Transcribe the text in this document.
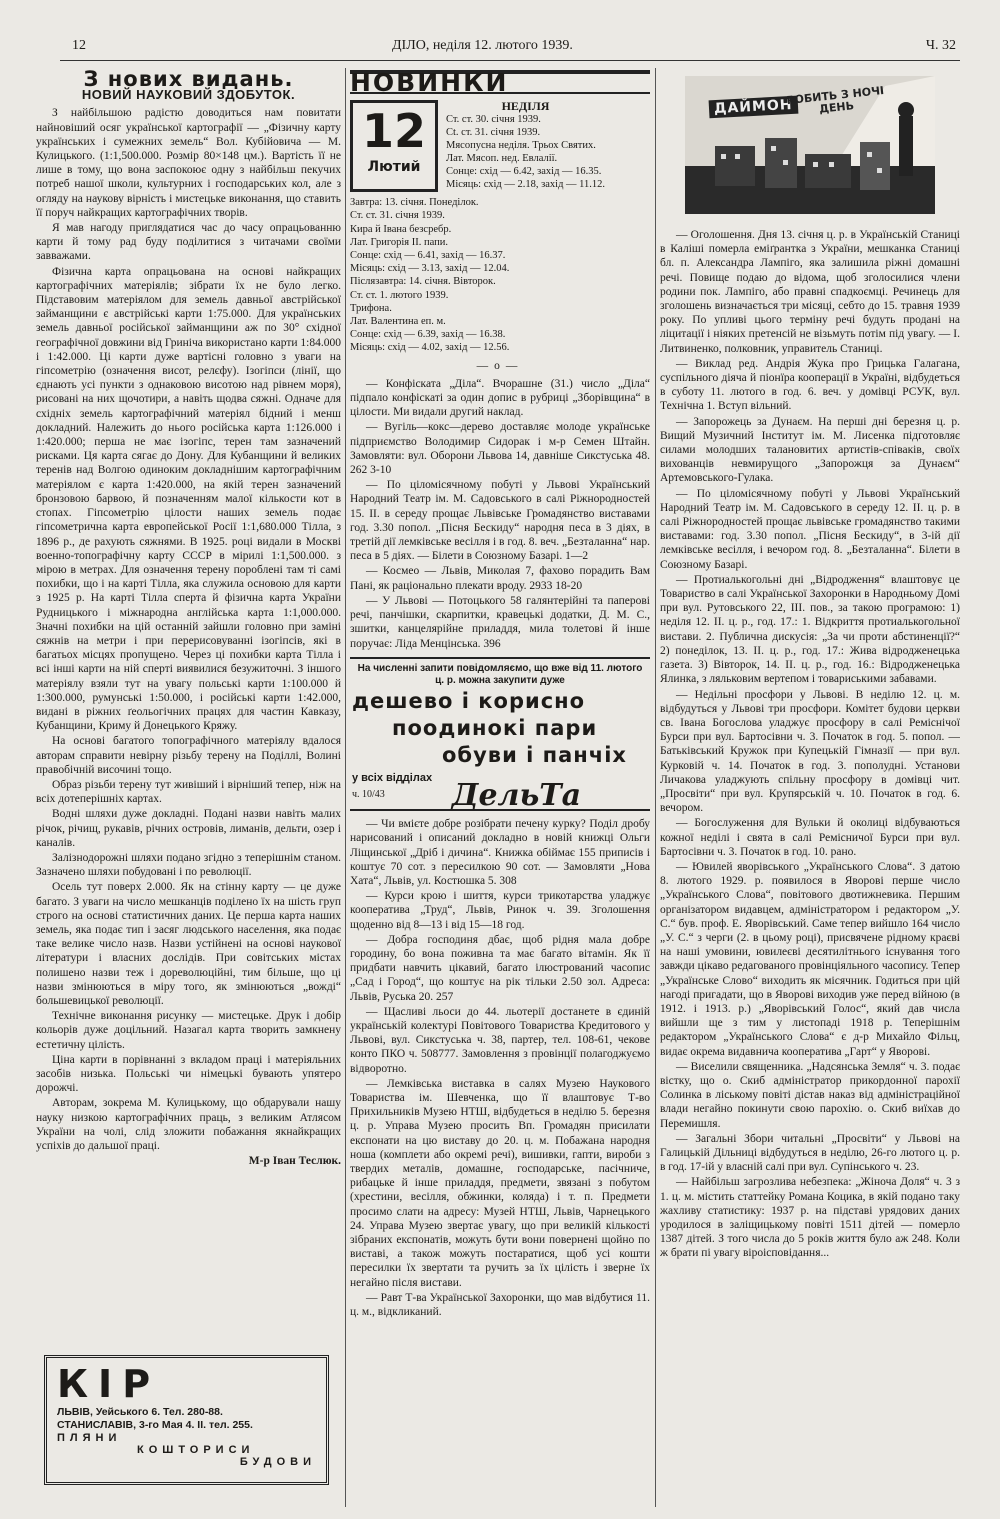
12	ДІЛО, неділя 12. лютого 1939.	Ч. 32
З нових видань.
НОВИЙ НАУКОВИЙ ЗДОБУТОК.

З найбільшою радістю доводиться нам повитати найновіший осяг української картографії — „Фізичну карту українських і сумежних земель“ Вол. Кубійовича — М. Кулицького. (1:1,500.000. Розмір 80×148 цм.). Вартість її не лише в тому, що вона заспокоює одну з найбільш пекучих потреб нашої школи, культурних і господарських кол, але з огляду на наукову вірність і мистецьке виконання, що ставить її поруч найкращих картографічних творів.

Я мав нагоду приглядатися час до часу опрацьованню карти й тому рад буду поділитися з читачами своїми завважами.

Фізична карта опрацьована на основі найкращих картографічних матеріялів; зібрати їх не було легко. Підставовим матеріялом для земель давньої австрійської займанщини є австрійські карти 1:75.000. Для українських земель давньої російської займанщини аж по 30° східної географічної довжини від Гриніча використано карти 1:84.000 і 1:42.000. Ці карти дуже вартісні головно з уваги на гіпсометрію (означення висот, релєфу). Ізогіпси (лінії, що єднають усі пункти з однаковою висотою над рівнем моря), рисовані на них щочотири, а навіть щодва сяжні. Одначе для східніх земель картографічний матеріял бідний і менш докладний. Належить до нього російська карта 1:126.000 і 1:420.000; перша не має ізогіпс, терен там зазначений рисками. Ця карта сягає до Дону. Для Кубанщини й великих теренів над Волгою одиноким докладнішим картографічним матеріялом є карта 1:420.000, на якій терен зазначений бронзовою барвою, й позначенням малої кількости кот в стопах. Гіпсометрію цілости наших земель подає гіпсометрична карта европейської Росії 1:1,680.000 Тілла, з 1896 р., де рахують сяжнями. В 1925. році видали в Москві военно-топографічну карту СССР в мірилі 1:1,500.000. з мірою в метрах. Для означення терену пороблені там ті самі похибки, що і на карті Тілла, яка служила основою для карти з 1925 р. На карті Тілла сперта й фізична карта України Рудницького і міжнародна англійська карта 1:1,000.000. Значні похибки на цій останній зайшли головно при заміні сяжнів на метри і при перерисовуванні ізогіпсів, які в багатьох місцях пропущено. Через ці похибки карта Тілла і всі інші карти на ній сперті виявилися безужиточні. З іншого матеріялу взяли тут на увагу польські карти 1:100.000 й 1:300.000, румунські 1:50.000, і російські карти 1:42.000, видані в ріжних ґеольогічних працях для частин Кавказу, Кубанщини, Криму й Донецького Кряжу.

На основі багатого топографічного матеріялу вдалося авторам справити невірну різьбу терену на Поділлі, Волині правобічній височині тощо.

Образ різьби терену тут живіший і вірніший тепер, ніж на всіх дотеперішніх картах.

Водні шляхи дуже докладні. Подані назви навіть малих річок, річищ, рукавів, річних островів, лиманів, дельти, озер і каналів.

Залізнодорожні шляхи подано згідно з теперішнім станом. Зазначено шляхи побудовані і по революції.

Осель тут поверх 2.000. Як на стінну карту — це дуже багато. З уваги на число мешканців поділено їх на шість груп строго на основі статистичних даних. Це перша карта наших земель, яка подає тип і засяг людського населення, яка подає таке велике число назв. Назви устійнені на основі наукової літератури і власних дослідів. При совітських містах полишено назви теж і дореволюційні, тим більше, що ці назви змінюються в міру того, як змінюються „вожді“ большевицької революції.

Технічне виконання рисунку — мистецьке. Друк і добір кольорів дуже доцільний. Назагал карта творить замкнену естетичну цілість.

Ціна карти в порівнанні з вкладом праці і матеріяльних засобів низька. Польські чи німецькі бувають упятеро дорожчі.

Авторам, зокрема М. Кулицькому, що обдарували нашу науку низкою картографічних праць, з великим Атлясом України на чолі, слід зложити побажання якнайкращих успіхів до дальшої праці.

М-р Іван Теслюк.
КІР
ЛЬВІВ, Уейського 6. Тел. 280-88.
СТАНИСЛАВІВ, 3-го Мая 4. II. тел. 255.
ПЛЯНИ
КОШТОРИСИ
БУДОВИ
НОВИНКИ
12
Лютий
НЕДІЛЯ
Ст. ст. 30. січня 1939.
Сt. ст. 31. січня 1939.
Мясопусна неділя. Трьох Святих.
Лат. Мясоп. нед. Евлалії.
Сонце: схід — 6.42, захід — 16.35.
Місяць: схід — 2.18, захід — 11.12.
Завтра: 13. січня. Понеділок.
Ст. ст. 31. січня 1939.
Кира й Івана безсребр.
Лат. Григорія II. папи.
Сонце: схід — 6.41, захід — 16.37.
Місяць: схід — 3.13, захід — 12.04.
Післязавтра: 14. січня. Вівторок.
Ст. ст. 1. лютого 1939.
Трифона.
Лат. Валентина еп. м.
Сонце: схід — 6.39, захід — 16.38.
Місяць: схід — 4.02, захід — 12.56.
—о—

— Конфіската „Діла“. Вчорашне (31.) число „Діла“ підпало конфіскаті за один допис в рубриці „Зборівщина“ в цілости. Ми видали другий наклад.

— Вугіль—кокс—дерево доставляє молоде українське підприємство Володимир Сидорак і м-р Семен Штайн. Замовляти: вул. Оборони Львова 14, давніше Сикстуська 48. 262 3-10

— По ціломісячному побуті у Львові Український Народний Театр ім. М. Садовського в салі Ріжнородностей 15. II. в середу прощає Львівське Громадянство виставами год. 3.30 попол. „Пісня Бескиду“ народня песа в 3 діях, в третій дії лемківське весілля і в год. 8. веч. „Безталанна“ нар. песа в 5 діях. — Білети в Союзному Базарі. 1—2

— Космео — Львів, Миколая 7, фахово порадить Вам Пані, як раціонально плекати вроду. 2933 18-20

— У Львові — Потоцького 58 галянтерійні та паперові речі, панчішки, скарпитки, кравецькі додатки, Д. М. С., зшитки, канцелярійне приладдя, мила толетові й інше поручає: Ліда Менцінська. 396

На численні запити повідомляємо, що вже від 11. лютого ц. р. можна закупити дуже
дешево і корисно
поодинокі пари
обуви і панчіх
у всіх відділах
ч. 10/43	ДельТа

— Чи вмієте добре розібрати печену курку? Поділ дробу нарисований і описаний докладно в новій книжці Ольги Ліщинської „Дріб і дичина“. Книжка обіймає 155 приписів і коштує 70 сот. з пересилкою 90 сот. — Замовляти „Нова Хата“, Львів, ул. Костюшка 5. 308

— Курси крою і шиття, курси трикотарства уладжує кооператива „Труд“, Львів, Ринок ч. 39. Зголошення щоденно від 8—13 і від 15—18 год.

— Добра господиня дбає, щоб рідня мала добре городину, бо вона поживна та має багато вітамін. Як її придбати навчить цікавий, багато ілюстрований часопис „Сад і Город“, що коштує на рік тільки 2.50 зол. Адреса: Львів, Руська 20. 257

— Щасливі льоси до 44. льотерії достанете в єдиній українській колектурі Повітового Товариства Кредитового у Львові, вул. Сикстуська ч. 38, партер, тел. 108-61, чекове конто ПКО ч. 508777. Замовлення з провінції полагоджуємо відворотно.

— Лемківська виставка в салях Музею Наукового Товариства ім. Шевченка, що її влаштовує Т-во Прихильників Музею НТШ, відбудеться в неділю 5. березня ц. р. Управа Музею просить Вп. Громадян присилати експонати на цю виставу до 20. ц. м. Побажана народня ноша (комплети або окремі речі), вишивки, гапти, вироби з твердих металів, домашне, господарське, пасічниче, рибацьке й інше приладдя, предмети, звязані з побутом (хрестини, весілля, обжинки, коляда) і т. п. Предмети просимо слати на адресу: Музей НТШ, Львів, Чарнецького 24. Управа Музею звертає увагу, що при великій кількості зібраних експонатів, можуть бути вони повернені щойно по виставі, а також можуть постаратися, щоб усі кошти пересилки їх звертати та ручить за їх цілість і зверне їх негайно після вистави.

— Равт Т-ва Української Захоронки, що мав відбутися 11. ц. м., відкликаний.

ДАЙМОН
РОБИТЬ З НОЧІ ДЕНЬ

— Оголошення. Дня 13. січня ц. р. в Українській Станиці в Каліші померла еміґрантка з України, мешканка Станиці бл. п. Александра Лампіго, яка залишила ріжні домашні речі. Повище подаю до відома, щоб зголосилися члени родини пок. Лампіго, або правні спадкоємці. Речинець для зголошень визначається три місяці, себто до 15. травня 1939 року. По упливі цього терміну речі будуть продані на ліцитації і ніяких претенсій не візьмуть потім під увагу. — І. Литвиненко, полковник, управитель Станиці.

— Виклад ред. Андрія Жука про Грицька Галагана, суспільного діяча й піонїра кооперації в Україні, відбудеться в суботу 11. лютого в год. 6. веч. у домівці РСУК, вул. Технічна 1. Вступ вільний.

— Запорожець за Дунаєм. На перші дні березня ц. р. Вищий Музичний Інститут ім. М. Лисенка підготовляє силами молодших талановитих артистів-співаків, своїх вихованців невмирущого „Запорожця за Дунаєм“ Артемовського-Гулака.

— По ціломісячному побуті у Львові Український Народний Театр ім. М. Садовського в середу 12. II. ц. р. в салі Ріжнородностей прощає львівське громадянство такими виставами: год. 3.30 попол. „Пісня Бескиду“, в 3-ій дії лемківське весілля, і вечором год. 8. „Безталанна“. Білети в Союзному Базарі.

— Протиалькогольні дні „Відродження“ влаштовує це Товариство в салі Української Захоронки в Народньому Домі при вул. Рутовського 22, III. пов., за такою програмою: 1) неділя 12. II. ц. р., год. 17.: 1. Відкриття протиалькогольної вистави. 2. Публична дискусія: „За чи проти абстиненції?“ 2) понеділок, 13. II. ц. р., год. 17.: Жива відродженецька газета. 3) Вівторок, 14. II. ц. р., год. 16.: Відродженецька Ялинка, з ляльковим вертепом і товариськими забавами.

— Недільні просфори у Львові. В неділю 12. ц. м. відбудуться у Львові три просфори. Комітет будови церкви св. Івана Богослова уладжує просфору в салі Реміснічої Бурси при вул. Бартосівни ч. 3. Початок в год. 5. попол. — Батьківський Кружок при Купецькій Гімназії — при вул. Курковій ч. 14. Початок в год. 3. пополудні. Установи Личакова уладжують спільну просфору в домівці чит. „Просвіти“ при вул. Крупярській ч. 10. Початок в год. 6. вечором.

— Богослуження для Вульки й околиці відбуваються кожної неділі і свята в салі Ремісничої Бурси при вул. Бартосівни ч. 3. Початок в год. 10. рано.

— Ювилей яворівського „Українського Слова“. З датою 8. лютого 1929. р. появилося в Яворові перше число „Українського Слова“, повітового двотижневика. Першим організатором видавцем, адміністратором і редактором „У. С.“ був. проф. Е. Яворівський. Саме тепер вийшло 164 число „У. С.“ з черги (2. в цьому році), присвячене рідному краєві на наші умовини, ювилеєві десятилітнього існування того завжди цікаво редагованого провінціяльного часопису. Тепер „Українське Слово“ виходить як місячник. Годиться при цій нагоді пригадати, що в Яворові виходив уже перед війною (в 1912. і 1913. р.) „Яворівський Голос“, який дав числа вийшли ще з тим у листопаді 1918 р. Теперішнім редактором „Українського Слова“ є д-р Михайло Фільц, видає окрема видавнича кооператива „Гарт“ у Яворові.

— Виселили священника. „Надсянська Земля“ ч. 3. подає вістку, що о. Скиб адміністратор прикордонної парохії Солинка в ліському повіті дістав наказ від адміністраційної влади негайно покинути свою парохію. о. Скиб виїхав до Перемишля.

— Загальні Збори читальні „Просвіти“ у Львові на Галицькій Дільниці відбудуться в неділю, 26-го лютого ц. р. в год. 17-ій у власній салі при вул. Супінського ч. 23.

— Найбільш загрозлива небезпека: „Жіноча Доля“ ч. 3 з 1. ц. м. містить статтейку Романа Коцика, в якій подано таку жахливу статистику: 1937 р. на підставі урядових даних уродилося в заліщицькому повіті 1511 дітей — померло 1387 дітей. З того числа до 5 років життя було аж 248. Коли ж брати пі увагу віроісповідання...
